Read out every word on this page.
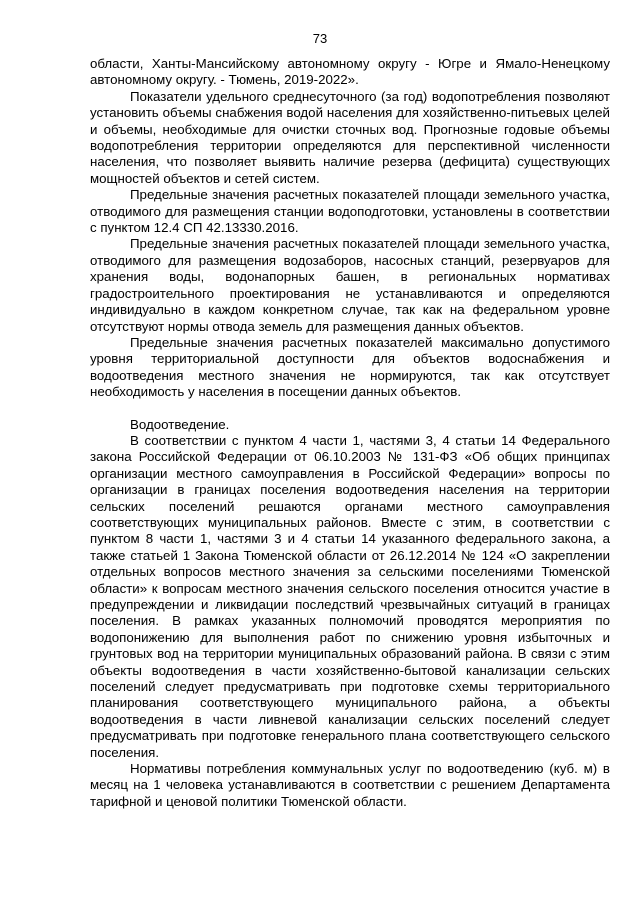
73

области, Ханты-Мансийскому автономному округу - Югре и Ямало-Ненецкому автономному округу. - Тюмень, 2019-2022».

Показатели удельного среднесуточного (за год) водопотребления позволяют установить объемы снабжения водой населения для хозяйственно-питьевых целей и объемы, необходимые для очистки сточных вод. Прогнозные годовые объемы водопотребления территории определяются для перспективной численности населения, что позволяет выявить наличие резерва (дефицита) существующих мощностей объектов и сетей систем.

Предельные значения расчетных показателей площади земельного участка, отводимого для размещения станции водоподготовки, установлены в соответствии с пунктом 12.4 СП 42.13330.2016.

Предельные значения расчетных показателей площади земельного участка, отводимого для размещения водозаборов, насосных станций, резервуаров для хранения воды, водонапорных башен, в региональных нормативах градостроительного проектирования не устанавливаются и определяются индивидуально в каждом конкретном случае, так как на федеральном уровне отсутствуют нормы отвода земель для размещения данных объектов.

Предельные значения расчетных показателей максимально допустимого уровня территориальной доступности для объектов водоснабжения и водоотведения местного значения не нормируются, так как отсутствует необходимость у населения в посещении данных объектов.

Водоотведение.

В соответствии с пунктом 4 части 1, частями 3, 4 статьи 14 Федерального закона Российской Федерации от 06.10.2003 № 131-ФЗ «Об общих принципах организации местного самоуправления в Российской Федерации» вопросы по организации в границах поселения водоотведения населения на территории сельских поселений решаются органами местного самоуправления соответствующих муниципальных районов. Вместе с этим, в соответствии с пунктом 8 части 1, частями 3 и 4 статьи 14 указанного федерального закона, а также статьей 1 Закона Тюменской области от 26.12.2014 № 124 «О закреплении отдельных вопросов местного значения за сельскими поселениями Тюменской области» к вопросам местного значения сельского поселения относится участие в предупреждении и ликвидации последствий чрезвычайных ситуаций в границах поселения. В рамках указанных полномочий проводятся мероприятия по водопонижению для выполнения работ по снижению уровня избыточных и грунтовых вод на территории муниципальных образований района. В связи с этим объекты водоотведения в части хозяйственно-бытовой канализации сельских поселений следует предусматривать при подготовке схемы территориального планирования соответствующего муниципального района, а объекты водоотведения в части ливневой канализации сельских поселений следует предусматривать при подготовке генерального плана соответствующего сельского поселения.

Нормативы потребления коммунальных услуг по водоотведению (куб. м) в месяц на 1 человека устанавливаются в соответствии с решением Департамента тарифной и ценовой политики Тюменской области.
